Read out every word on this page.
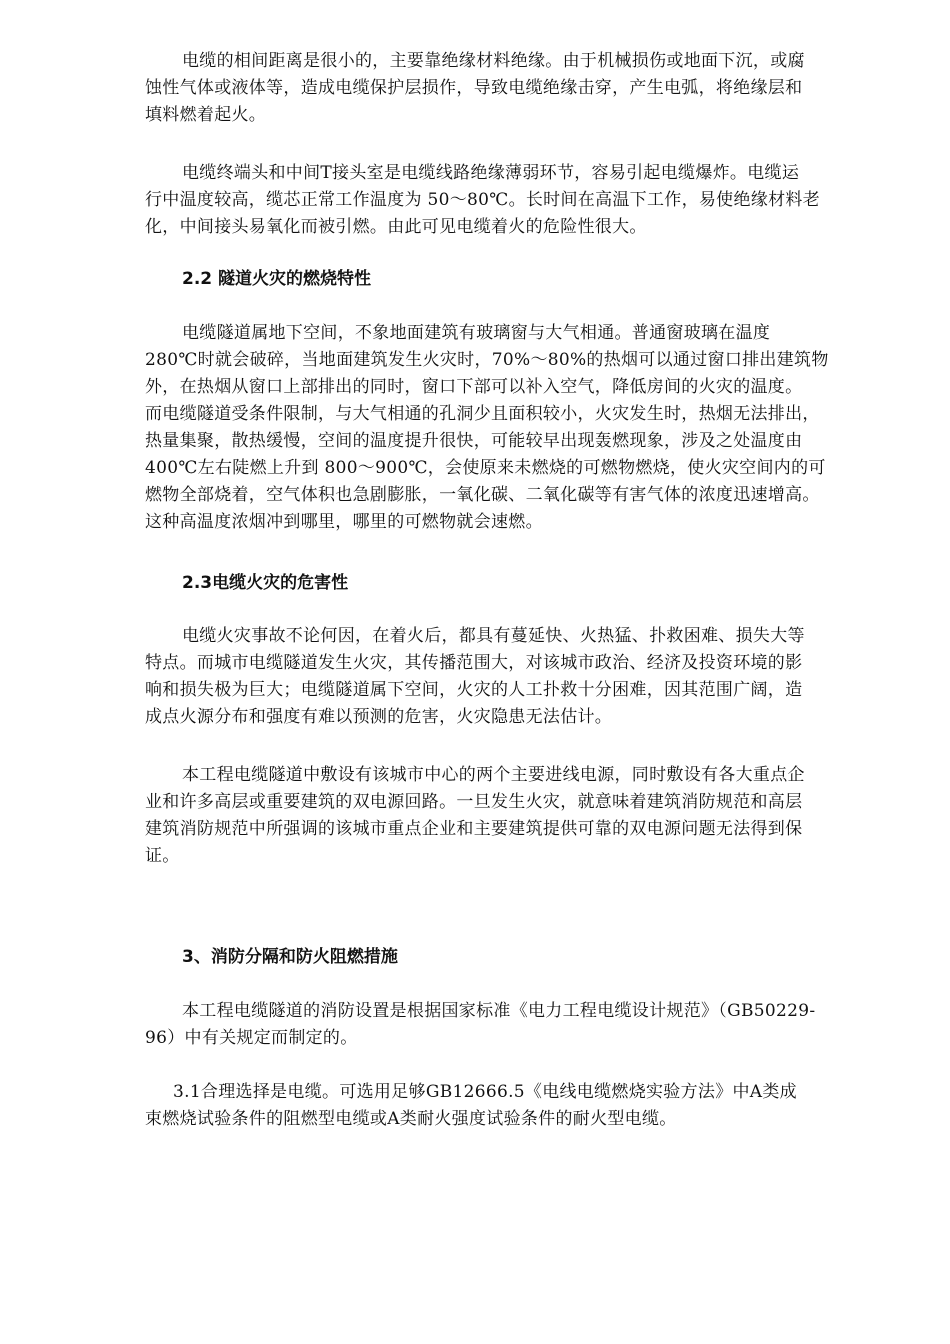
电缆的相间距离是很小的，主要靠绝缘材料绝缘。由于机械损伤或地面下沉，或腐
蚀性气体或液体等，造成电缆保护层损作，导致电缆绝缘击穿，产生电弧，将绝缘层和
填料燃着起火。

电缆终端头和中间T接头室是电缆线路绝缘薄弱环节，容易引起电缆爆炸。电缆运
行中温度较高，缆芯正常工作温度为 50～80℃。长时间在高温下工作，易使绝缘材料老
化，中间接头易氧化而被引燃。由此可见电缆着火的危险性很大。

2.2 隧道火灾的燃烧特性

电缆隧道属地下空间，不象地面建筑有玻璃窗与大气相通。普通窗玻璃在温度
280℃时就会破碎，当地面建筑发生火灾时，70%～80%的热烟可以通过窗口排出建筑物
外，在热烟从窗口上部排出的同时，窗口下部可以补入空气，降低房间的火灾的温度。
而电缆隧道受条件限制，与大气相通的孔洞少且面积较小，火灾发生时，热烟无法排出，
热量集聚，散热缓慢，空间的温度提升很快，可能较早出现轰燃现象，涉及之处温度由
400℃左右陡燃上升到 800～900℃，会使原来未燃烧的可燃物燃烧，使火灾空间内的可
燃物全部烧着，空气体积也急剧膨胀，一氧化碳、二氧化碳等有害气体的浓度迅速增高。
这种高温度浓烟冲到哪里，哪里的可燃物就会速燃。

2.3电缆火灾的危害性

电缆火灾事故不论何因，在着火后，都具有蔓延快、火热猛、扑救困难、损失大等
特点。而城市电缆隧道发生火灾，其传播范围大，对该城市政治、经济及投资环境的影
响和损失极为巨大；电缆隧道属下空间，火灾的人工扑救十分困难，因其范围广阔，造
成点火源分布和强度有难以预测的危害，火灾隐患无法估计。

本工程电缆隧道中敷设有该城市中心的两个主要进线电源，同时敷设有各大重点企
业和许多高层或重要建筑的双电源回路。一旦发生火灾，就意味着建筑消防规范和高层
建筑消防规范中所强调的该城市重点企业和主要建筑提供可靠的双电源问题无法得到保
证。

3、消防分隔和防火阻燃措施

本工程电缆隧道的消防设置是根据国家标准《电力工程电缆设计规范》（GB50229-
96）中有关规定而制定的。

3.1合理选择是电缆。可选用足够GB12666.5《电线电缆燃烧实验方法》中A类成
束燃烧试验条件的阻燃型电缆或A类耐火强度试验条件的耐火型电缆。
